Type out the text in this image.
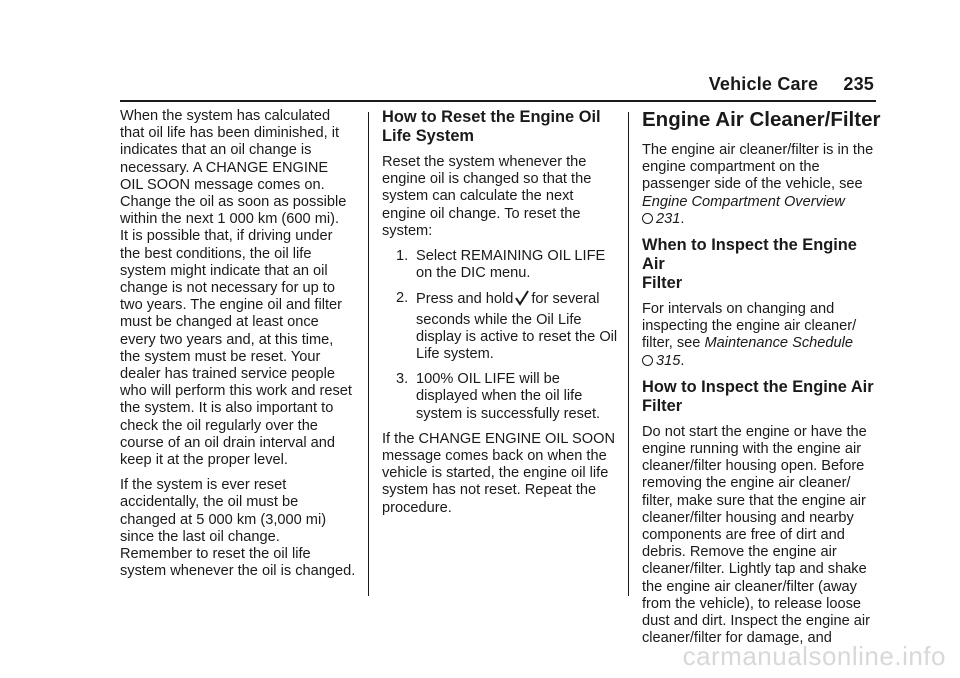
Vehicle Care 235

When the system has calculated
that oil life has been diminished, it
indicates that an oil change is
necessary. A CHANGE ENGINE
OIL SOON message comes on.
Change the oil as soon as possible
within the next 1 000 km (600 mi).
It is possible that, if driving under
the best conditions, the oil life
system might indicate that an oil
change is not necessary for up to
two years. The engine oil and filter
must be changed at least once
every two years and, at this time,
the system must be reset. Your
dealer has trained service people
who will perform this work and reset
the system. It is also important to
check the oil regularly over the
course of an oil drain interval and
keep it at the proper level.

If the system is ever reset
accidentally, the oil must be
changed at 5 000 km (3,000 mi)
since the last oil change.
Remember to reset the oil life
system whenever the oil is changed.

How to Reset the Engine Oil
Life System

Reset the system whenever the
engine oil is changed so that the
system can calculate the next
engine oil change. To reset the
system:

1. Select REMAINING OIL LIFE
on the DIC menu.
2. Press and hold for several
seconds while the Oil Life
display is active to reset the Oil
Life system.
3. 100% OIL LIFE will be
displayed when the oil life
system is successfully reset.

If the CHANGE ENGINE OIL SOON
message comes back on when the
vehicle is started, the engine oil life
system has not reset. Repeat the
procedure.

Engine Air Cleaner/Filter

The engine air cleaner/filter is in the
engine compartment on the
passenger side of the vehicle, see
Engine Compartment Overview
231.

When to Inspect the Engine Air
Filter

For intervals on changing and
inspecting the engine air cleaner/
filter, see Maintenance Schedule
315.

How to Inspect the Engine Air
Filter

Do not start the engine or have the
engine running with the engine air
cleaner/filter housing open. Before
removing the engine air cleaner/
filter, make sure that the engine air
cleaner/filter housing and nearby
components are free of dirt and
debris. Remove the engine air
cleaner/filter. Lightly tap and shake
the engine air cleaner/filter (away
from the vehicle), to release loose
dust and dirt. Inspect the engine air
cleaner/filter for damage, and

carmanualsonline.info
